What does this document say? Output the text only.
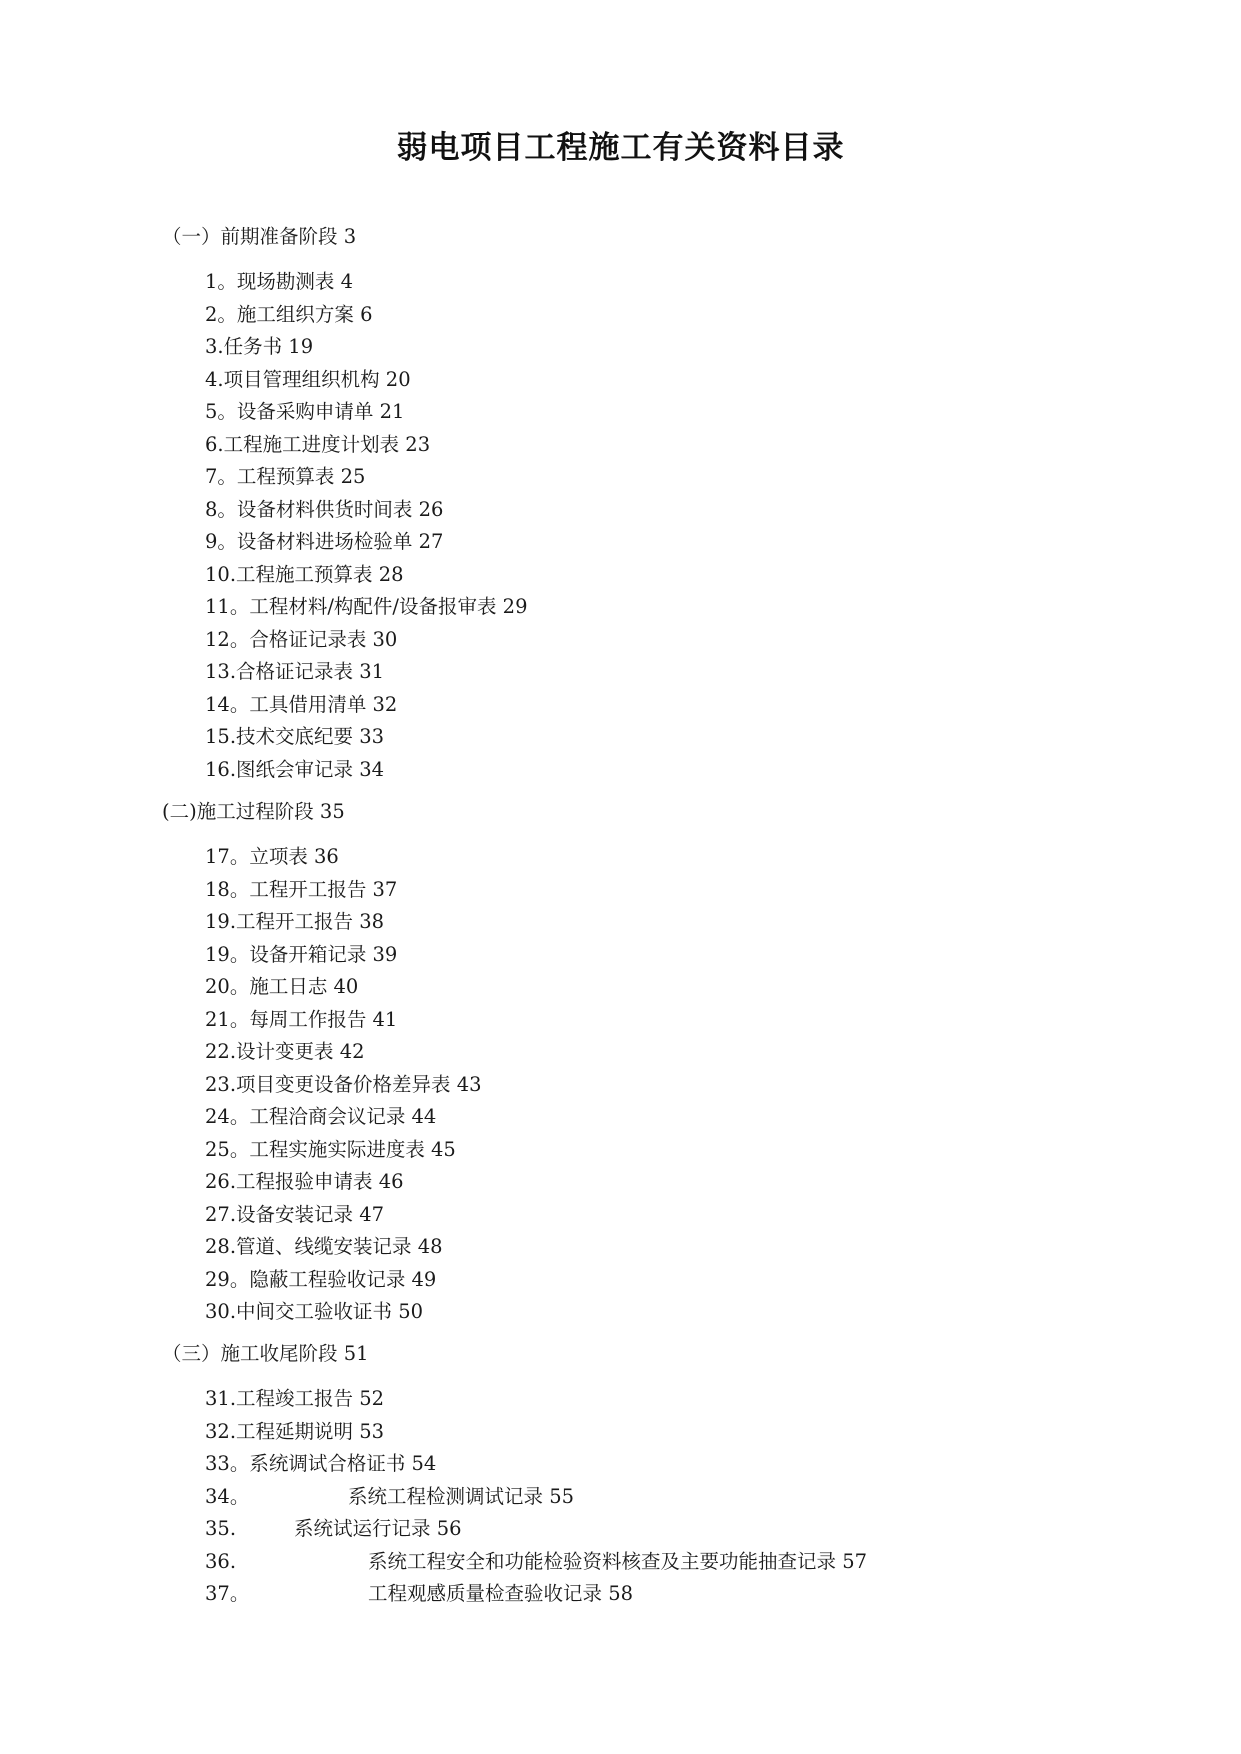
弱电项目工程施工有关资料目录
（一）前期准备阶段 3
1。现场勘测表 4
2。施工组织方案 6
3.任务书 19
4.项目管理组织机构 20
5。设备采购申请单 21
6.工程施工进度计划表 23
7。工程预算表 25
8。设备材料供货时间表 26
9。设备材料进场检验单 27
10.工程施工预算表 28
11。工程材料/构配件/设备报审表 29
12。合格证记录表 30
13.合格证记录表 31
14。工具借用清单 32
15.技术交底纪要 33
16.图纸会审记录 34
(二)施工过程阶段 35
17。立项表 36
18。工程开工报告 37
19.工程开工报告 38
19。设备开箱记录 39
20。施工日志 40
21。每周工作报告 41
22.设计变更表 42
23.项目变更设备价格差异表 43
24。工程洽商会议记录 44
25。工程实施实际进度表 45
26.工程报验申请表 46
27.设备安装记录 47
28.管道、线缆安装记录 48
29。隐蔽工程验收记录 49
30.中间交工验收证书 50
（三）施工收尾阶段 51
31.工程竣工报告 52
32.工程延期说明 53
33。系统调试合格证书 54
34。	系统工程检测调试记录 55
35.	系统试运行记录 56
36.	系统工程安全和功能检验资料核查及主要功能抽查记录 57
37。	工程观感质量检查验收记录 58
